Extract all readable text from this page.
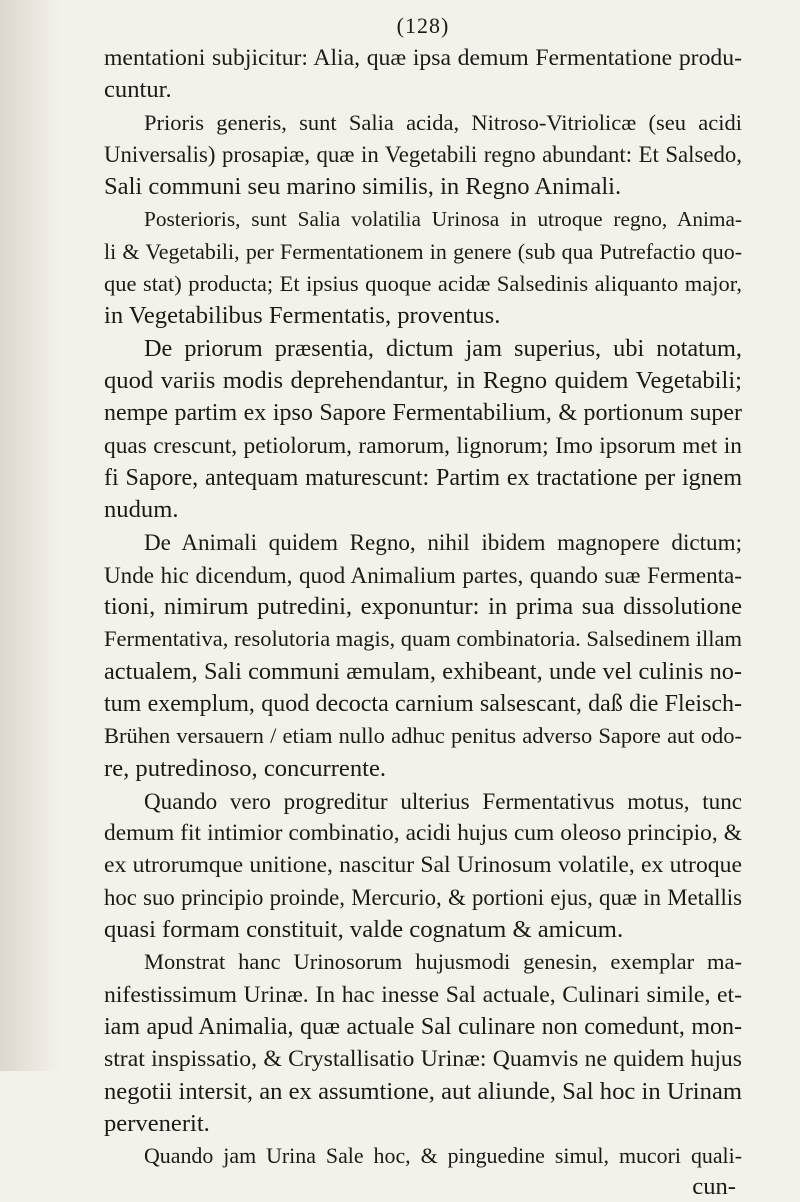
(128)
mentationi subjicitur: Alia, quæ ipsa demum Fermentatione produ-
cuntur.
Prioris generis, sunt Salia acida, Nitroso-Vitriolicæ (seu acidi
Universalis) prosapiæ, quæ in Vegetabili regno abundant: Et Salsedo,
Sali communi seu marino similis, in Regno Animali.
Posterioris, sunt Salia volatilia Urinosa in utroque regno, Anima-
li & Vegetabili, per Fermentationem in genere (sub qua Putrefactio quo-
que stat) producta; Et ipsius quoque acidæ Salsedinis aliquanto major,
in Vegetabilibus Fermentatis, proventus.
De priorum præsentia, dictum jam superius, ubi notatum,
quod variis modis deprehendantur, in Regno quidem Vegetabili;
nempe partim ex ipso Sapore Fermentabilium, & portionum super
quas crescunt, petiolorum, ramorum, lignorum; Imo ipsorum met in
fi Sapore, antequam maturescunt: Partim ex tractatione per ignem
nudum.
De Animali quidem Regno, nihil ibidem magnopere dictum;
Unde hic dicendum, quod Animalium partes, quando suæ Fermenta-
tioni, nimirum putredini, exponuntur: in prima sua dissolutione
Fermentativa, resolutoria magis, quam combinatoria. Salsedinem illam
actualem, Sali communi æmulam, exhibeant, unde vel culinis no-
tum exemplum, quod decocta carnium salsescant, daß die Fleisch-
Brühen versauern / etiam nullo adhuc penitus adverso Sapore aut odo-
re, putredinoso, concurrente.
Quando vero progreditur ulterius Fermentativus motus, tunc
demum fit intimior combinatio, acidi hujus cum oleoso principio, &
ex utrorumque unitione, nascitur Sal Urinosum volatile, ex utroque
hoc suo principio proinde, Mercurio, & portioni ejus, quæ in Metallis
quasi formam constituit, valde cognatum & amicum.
Monstrat hanc Urinosorum hujusmodi genesin, exemplar ma-
nifestissimum Urinæ. In hac inesse Sal actuale, Culinari simile, et-
iam apud Animalia, quæ actuale Sal culinare non comedunt, mon-
strat inspissatio, & Crystallisatio Urinæ: Quamvis ne quidem hujus
negotii intersit, an ex assumtione, aut aliunde, Sal hoc in Urinam
pervenerit.
Quando jam Urina Sale hoc, & pinguedine simul, mucori quali-
cun-
